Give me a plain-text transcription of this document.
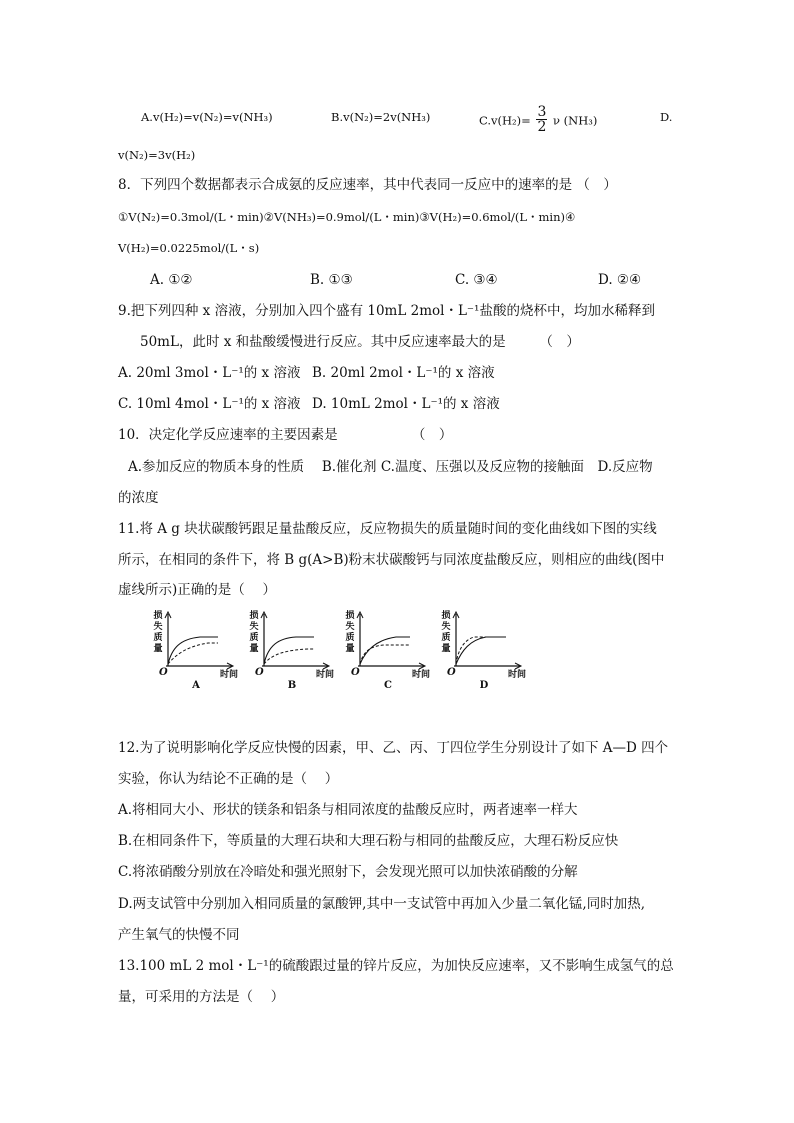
A.v(H₂)=v(N₂)=v(NH₃)	B.v(N₂)=2v(NH₃)	$C.v(H_2)= \frac{3}{2}$ ν (NH₃)	D.
v(N₂)=3v(H₂)
8．下列四个数据都表示合成氨的反应速率，其中代表同一反应中的速率的是 （　）
①V(N₂)=0.3mol/(L・min)②V(NH₃)=0.9mol/(L・min)③V(H₂)=0.6mol/(L・min)④
V(H₂)=0.0225mol/(L・s)
A. ①②	B. ①③	C. ③④	D. ②④
9.把下列四种 x 溶液，分别加入四个盛有 10mL 2mol・L⁻¹盐酸的烧杯中，均加水稀释到
50mL，此时 x 和盐酸缓慢进行反应。其中反应速率最大的是　　　（　）
A. 20ml 3mol・L⁻¹的 x 溶液 B. 20ml 2mol・L⁻¹的 x 溶液
C. 10ml 4mol・L⁻¹的 x 溶液 D. 10mL 2mol・L⁻¹的 x 溶液
10．决定化学反应速率的主要因素是　　　　　　（　）
A.参加反应的物质本身的性质　 B.催化剂 C.温度、压强以及反应物的接触面　D.反应物
的浓度
11.将 A g 块状碳酸钙跟足量盐酸反应，反应物损失的质量随时间的变化曲线如下图的实线
所示，在相同的条件下，将 B g(A>B)粉末状碳酸钙与同浓度盐酸反应，则相应的曲线(图中
虚线所示)正确的是（　 ）
损
失
质
量
O	时间
A
损
失
质
量
O	时间
B
损
失
质
量
O	时间
C
损
失
质
量
O	时间
D
12.为了说明影响化学反应快慢的因素，甲、乙、丙、丁四位学生分别设计了如下 A—D 四个
实验，你认为结论不正确的是（　 ）
A.将相同大小、形状的镁条和铝条与相同浓度的盐酸反应时，两者速率一样大
B.在相同条件下，等质量的大理石块和大理石粉与相同的盐酸反应，大理石粉反应快
C.将浓硝酸分别放在冷暗处和强光照射下，会发现光照可以加快浓硝酸的分解
D.两支试管中分别加入相同质量的氯酸钾,其中一支试管中再加入少量二氧化锰,同时加热,
产生氧气的快慢不同
13.100 mL 2 mol・L⁻¹的硫酸跟过量的锌片反应，为加快反应速率，又不影响生成氢气的总
量，可采用的方法是（　 ）
